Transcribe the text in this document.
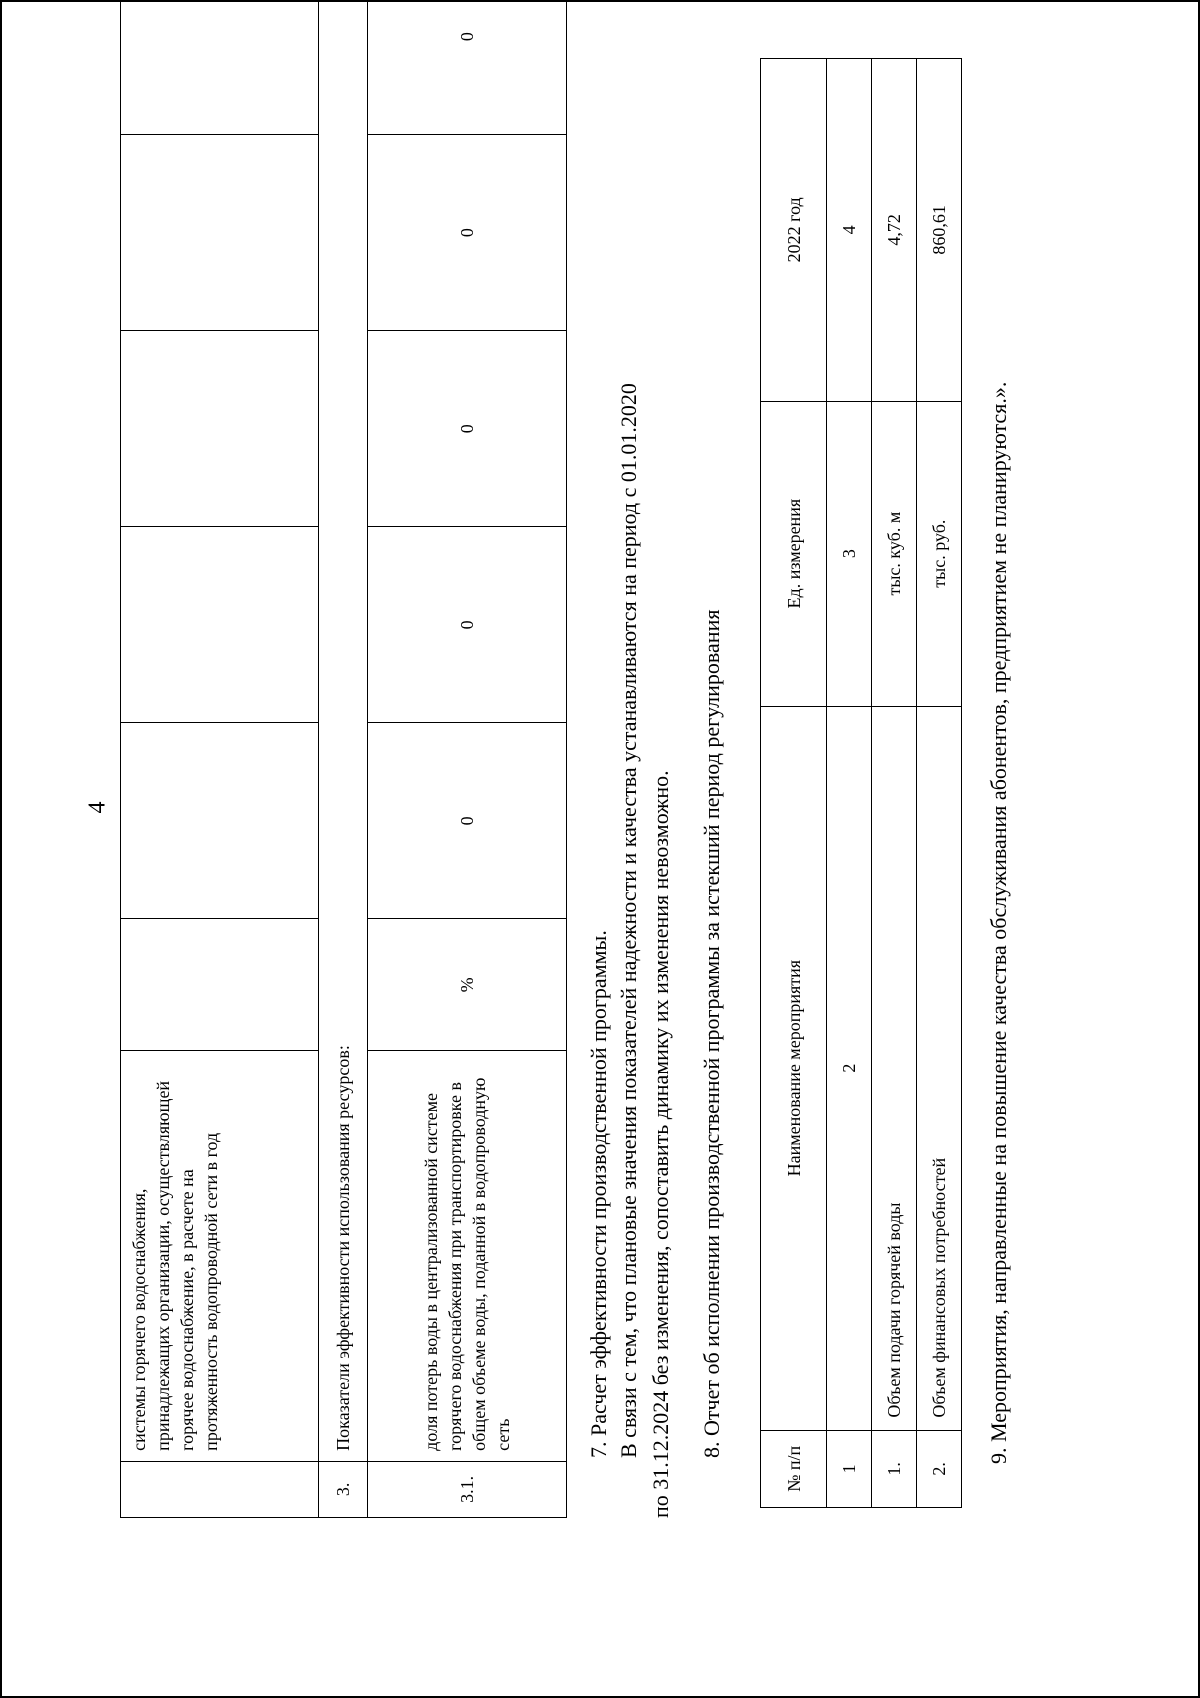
	системы горячего водоснабжения, принадлежащих организации, осуществляющей горячее водоснабжение, в расчете на протяженность водопроводной сети в год						
3.	Показатели эффективности использования ресурсов:						
3.1.	доля потерь воды в централизованной системе горячего водоснабжения при транспортировке в общем объеме воды, поданной в водопроводную сеть	%	0	0	0	0	0
7. Расчет эффективности производственной программы. В связи с тем, что плановые значения показателей надежности и качества устанавливаются на период с 01.01.2020 по 31.12.2024 без изменения, сопоставить динамику их изменения невозможно. 8. Отчет об исполнении производственной программы за истекший период регулирования
№ п/п	Наименование мероприятия	Ед. измерения	2022 год
1	2	3	4
1.	Объем подачи горячей воды	тыс. куб. м	4,72
2.	Объем финансовых потребностей	тыс. руб.	860,61
9. Мероприятия, направленные на повышение качества обслуживания абонентов, предприятием не планируются.».
4
